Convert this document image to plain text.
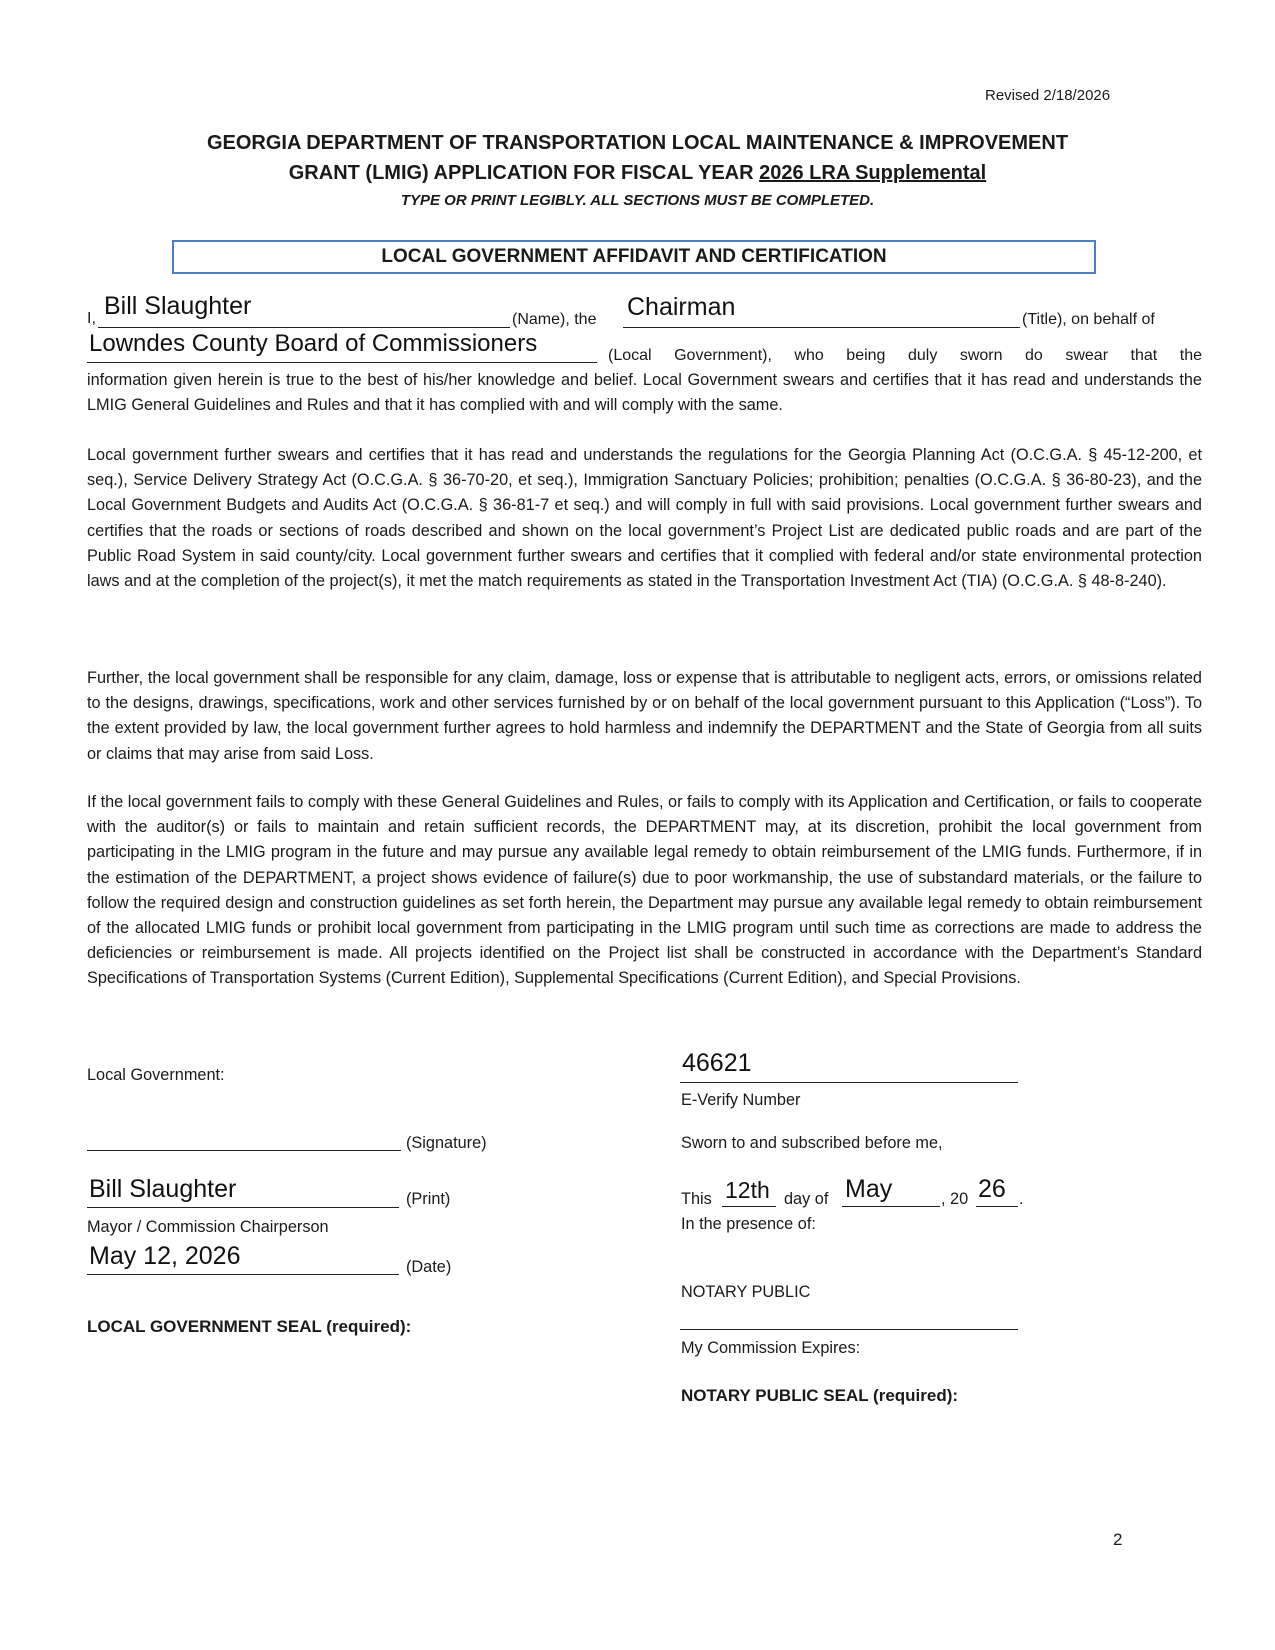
Revised 2/18/2026
GEORGIA DEPARTMENT OF TRANSPORTATION LOCAL MAINTENANCE & IMPROVEMENT
GRANT (LMIG) APPLICATION FOR FISCAL YEAR 2026 LRA Supplemental
TYPE OR PRINT LEGIBLY. ALL SECTIONS MUST BE COMPLETED.
LOCAL GOVERNMENT AFFIDAVIT AND CERTIFICATION
I, Bill Slaughter	(Name), the Chairman	(Title), on behalf of
Lowndes County Board of Commissioners	(Local Government), who being duly sworn do swear that the
information given herein is true to the best of his/her knowledge and belief. Local Government swears and certifies that it has read and understands the LMIG General Guidelines and Rules and that it has complied with and will comply with the same.
Local government further swears and certifies that it has read and understands the regulations for the Georgia Planning Act (O.C.G.A. § 45-12-200, et seq.), Service Delivery Strategy Act (O.C.G.A. § 36-70-20, et seq.), Immigration Sanctuary Policies; prohibition; penalties (O.C.G.A. § 36-80-23), and the Local Government Budgets and Audits Act (O.C.G.A. § 36-81-7 et seq.) and will comply in full with said provisions. Local government further swears and certifies that the roads or sections of roads described and shown on the local government’s Project List are dedicated public roads and are part of the Public Road System in said county/city. Local government further swears and certifies that it complied with federal and/or state environmental protection laws and at the completion of the project(s), it met the match requirements as stated in the Transportation Investment Act (TIA) (O.C.G.A. § 48-8-240).
Further, the local government shall be responsible for any claim, damage, loss or expense that is attributable to negligent acts, errors, or omissions related to the designs, drawings, specifications, work and other services furnished by or on behalf of the local government pursuant to this Application (“Loss”). To the extent provided by law, the local government further agrees to hold harmless and indemnify the DEPARTMENT and the State of Georgia from all suits or claims that may arise from said Loss.
If the local government fails to comply with these General Guidelines and Rules, or fails to comply with its Application and Certification, or fails to cooperate with the auditor(s) or fails to maintain and retain sufficient records, the DEPARTMENT may, at its discretion, prohibit the local government from participating in the LMIG program in the future and may pursue any available legal remedy to obtain reimbursement of the LMIG funds. Furthermore, if in the estimation of the DEPARTMENT, a project shows evidence of failure(s) due to poor workmanship, the use of substandard materials, or the failure to follow the required design and construction guidelines as set forth herein, the Department may pursue any available legal remedy to obtain reimbursement of the allocated LMIG funds or prohibit local government from participating in the LMIG program until such time as corrections are made to address the deficiencies or reimbursement is made. All projects identified on the Project list shall be constructed in accordance with the Department’s Standard Specifications of Transportation Systems (Current Edition), Supplemental Specifications (Current Edition), and Special Provisions.
Local Government:
(Signature)
Bill Slaughter	(Print)
Mayor / Commission Chairperson
May 12, 2026	(Date)
LOCAL GOVERNMENT SEAL (required):
46621
E-Verify Number
Sworn to and subscribed before me,
This 12th day of May	, 20 26 .
In the presence of:
NOTARY PUBLIC
My Commission Expires:
NOTARY PUBLIC SEAL (required):
2
